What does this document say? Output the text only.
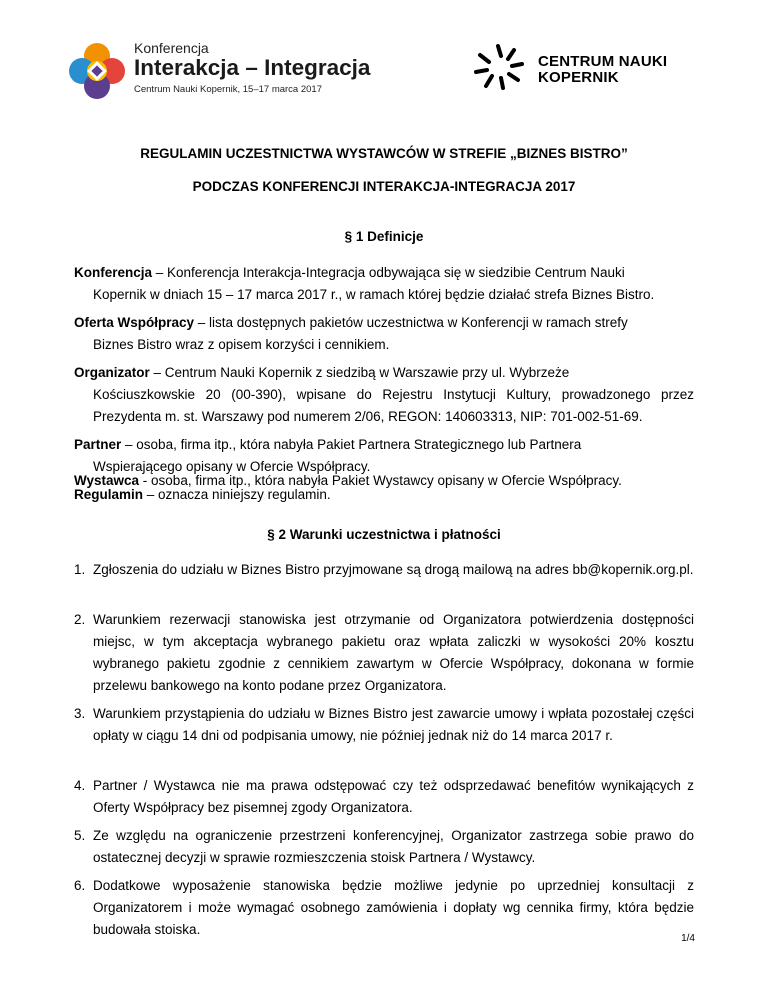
Konferencja
Interakcja – Integracja
Centrum Nauki Kopernik, 15–17 marca 2017
CENTRUM NAUKI
KOPERNIK
REGULAMIN UCZESTNICTWA WYSTAWCÓW W STREFIE „BIZNES BISTRO”
PODCZAS KONFERENCJI INTERAKCJA-INTEGRACJA 2017
§ 1 Definicje
Konferencja – Konferencja Interakcja-Integracja odbywająca się w siedzibie Centrum Nauki
Kopernik w dniach 15 – 17 marca 2017 r., w ramach której będzie działać strefa Biznes Bistro.
Oferta Współpracy – lista dostępnych pakietów uczestnictwa w Konferencji w ramach strefy
Biznes Bistro wraz z opisem korzyści i cennikiem.
Organizator – Centrum Nauki Kopernik z siedzibą w Warszawie przy ul. Wybrzeże
Kościuszkowskie 20 (00-390), wpisane do Rejestru Instytucji Kultury, prowadzonego przez Prezydenta m. st. Warszawy pod numerem 2/06, REGON: 140603313, NIP: 701-002-51-69.
Partner – osoba, firma itp., która nabyła Pakiet Partnera Strategicznego lub Partnera
Wspierającego opisany w Ofercie Współpracy.
Regulamin – oznacza niniejszy regulamin.
Wystawca - osoba, firma itp., która nabyła Pakiet Wystawcy opisany w Ofercie Współpracy.
§ 2 Warunki uczestnictwa i płatności
1. Zgłoszenia do udziału w Biznes Bistro przyjmowane są drogą mailową na adres bb@kopernik.org.pl.
2. Warunkiem rezerwacji stanowiska jest otrzymanie od Organizatora potwierdzenia dostępności miejsc, w tym akceptacja wybranego pakietu oraz wpłata zaliczki w wysokości 20% kosztu wybranego pakietu zgodnie z cennikiem zawartym w Ofercie Współpracy, dokonana w formie przelewu bankowego na konto podane przez Organizatora.
3. Warunkiem przystąpienia do udziału w Biznes Bistro jest zawarcie umowy i wpłata pozostałej części opłaty w ciągu 14 dni od podpisania umowy, nie później jednak niż do 14 marca 2017 r.
4. Partner / Wystawca nie ma prawa odstępować czy też odsprzedawać benefitów wynikających z Oferty Współpracy bez pisemnej zgody Organizatora.
5. Ze względu na ograniczenie przestrzeni konferencyjnej, Organizator zastrzega sobie prawo do ostatecznej decyzji w sprawie rozmieszczenia stoisk Partnera / Wystawcy.
6. Dodatkowe wyposażenie stanowiska będzie możliwe jedynie po uprzedniej konsultacji z Organizatorem i może wymagać osobnego zamówienia i dopłaty wg cennika firmy, która będzie budowała stoiska.
1/4
